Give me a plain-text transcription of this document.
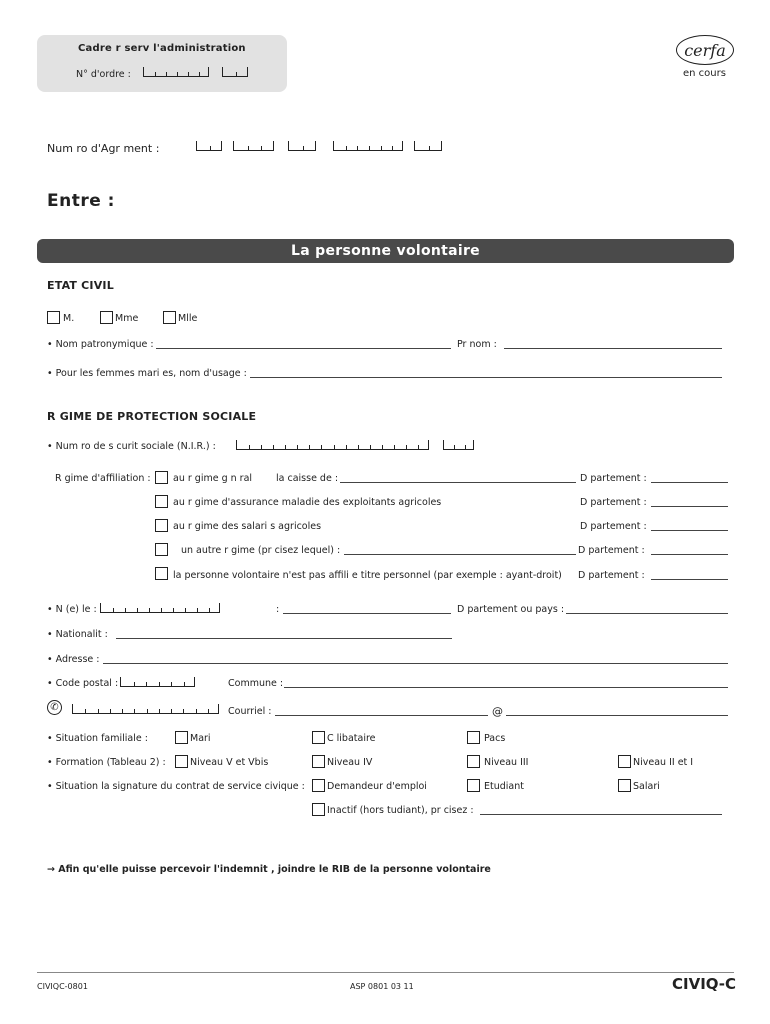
Cadre r serv l'administration
N° d'ordre :
cerfa
en cours
Num ro d'Agr ment :
Entre :
La personne volontaire
ETAT CIVIL
M.	Mme	Mlle
• Nom patronymique :	Pr nom :
• Pour les femmes mari es, nom d'usage :
R GIME DE PROTECTION SOCIALE
• Num ro de s curit sociale (N.I.R.) :
R gime d'affiliation : au r gime g n ral	la caisse de :	D partement :
au r gime d'assurance maladie des exploitants agricoles	D partement :
au r gime des salari s agricoles	D partement :
un autre r gime (pr cisez lequel) :	D partement :
la personne volontaire n'est pas affili e titre personnel (par exemple : ayant-droit) D partement :
• N (e) le :	:	D partement ou pays :
• Nationalit :
• Adresse :
• Code postal :	Commune :
✆	Courriel :	@
• Situation familiale :	Mari	C libataire	Pacs
• Formation (Tableau 2) :	Niveau V et Vbis	Niveau IV	Niveau III	Niveau II et I
• Situation la signature du contrat de service civique : Demandeur d'emploi	Etudiant	Salari
Inactif (hors tudiant), pr cisez :
→ Afin qu'elle puisse percevoir l'indemnit , joindre le RIB de la personne volontaire
CIVIQC-0801	ASP 0801 03 11	CIVIQ-C
